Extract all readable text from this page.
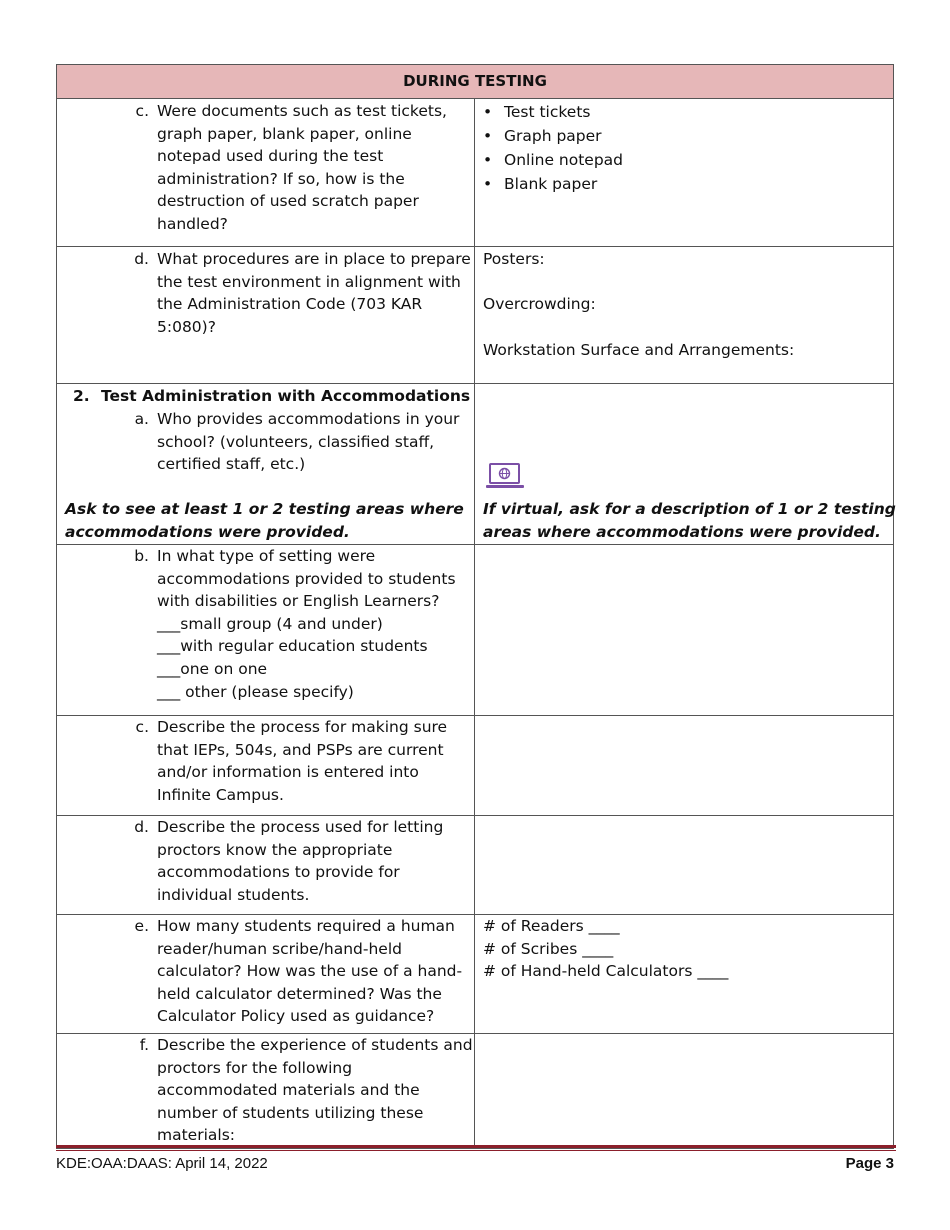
DURING TESTING
c. Were documents such as test tickets,
graph paper, blank paper, online
notepad used during the test
administration? If so, how is the
destruction of used scratch paper
handled?
• Test tickets
• Graph paper
• Online notepad
• Blank paper
d. What procedures are in place to prepare
the test environment in alignment with
the Administration Code (703 KAR
5:080)?
Posters:
Overcrowding:
Workstation Surface and Arrangements:
2. Test Administration with Accommodations
a. Who provides accommodations in your
school? (volunteers, classified staff,
certified staff, etc.)
Ask to see at least 1 or 2 testing areas where
accommodations were provided.
If virtual, ask for a description of 1 or 2 testing
areas where accommodations were provided.
b. In what type of setting were
accommodations provided to students
with disabilities or English Learners?
___small group (4 and under)
___with regular education students
___one on one
___ other (please specify)
c. Describe the process for making sure
that IEPs, 504s, and PSPs are current
and/or information is entered into
Infinite Campus.
d. Describe the process used for letting
proctors know the appropriate
accommodations to provide for
individual students.
e. How many students required a human
reader/human scribe/hand-held
calculator? How was the use of a hand-
held calculator determined? Was the
Calculator Policy used as guidance?
# of Readers ____
# of Scribes ____
# of Hand-held Calculators ____
f. Describe the experience of students and
proctors for the following
accommodated materials and the
number of students utilizing these
materials:
KDE:OAA:DAAS: April 14, 2022	Page 3
